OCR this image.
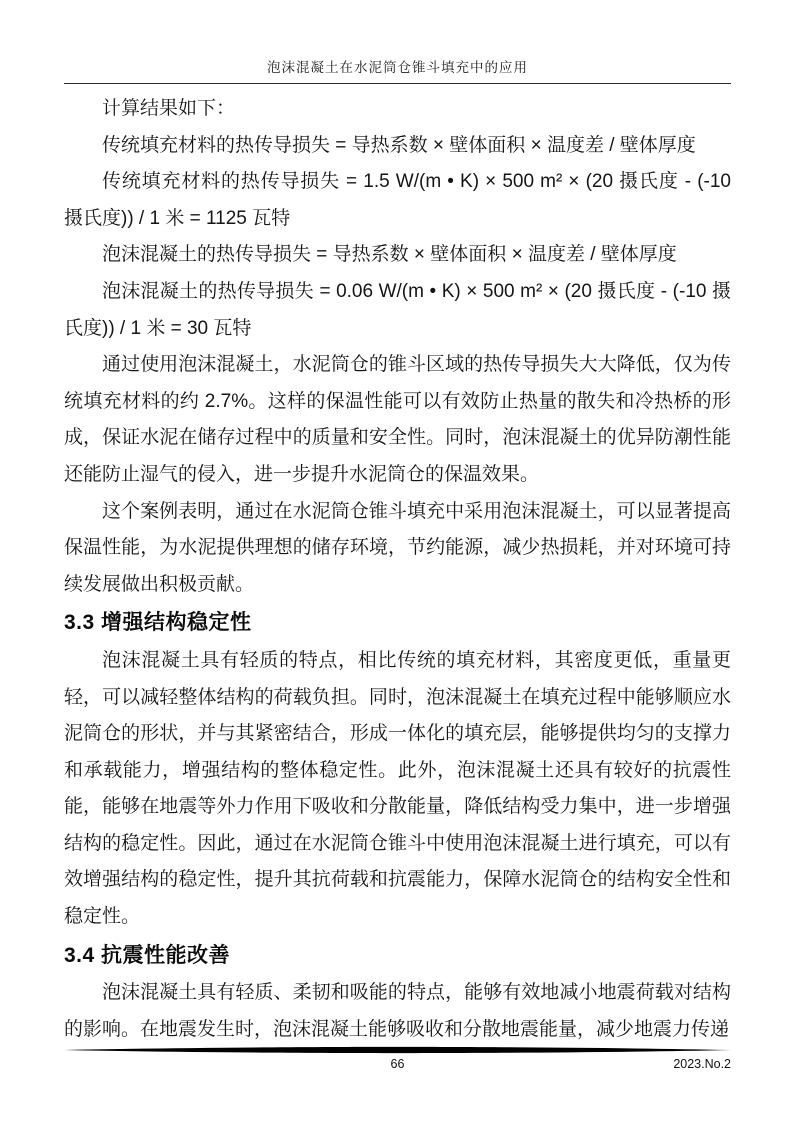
泡沫混凝土在水泥筒仓锥斗填充中的应用

计算结果如下：

传统填充材料的热传导损失 = 导热系数 × 壁体面积 × 温度差 / 壁体厚度

传统填充材料的热传导损失 = 1.5 W/(m • K) × 500 m² × (20 摄氏度 - (-10 摄氏度)) / 1 米 = 1125 瓦特

泡沫混凝土的热传导损失 = 导热系数 × 壁体面积 × 温度差 / 壁体厚度

泡沫混凝土的热传导损失 = 0.06 W/(m • K) × 500 m² × (20 摄氏度 - (-10 摄氏度)) / 1 米 = 30 瓦特

通过使用泡沫混凝土，水泥筒仓的锥斗区域的热传导损失大大降低，仅为传统填充材料的约 2.7%。这样的保温性能可以有效防止热量的散失和冷热桥的形成，保证水泥在储存过程中的质量和安全性。同时，泡沫混凝土的优异防潮性能还能防止湿气的侵入，进一步提升水泥筒仓的保温效果。

这个案例表明，通过在水泥筒仓锥斗填充中采用泡沫混凝土，可以显著提高保温性能，为水泥提供理想的储存环境，节约能源，减少热损耗，并对环境可持续发展做出积极贡献。

3.3 增强结构稳定性

泡沫混凝土具有轻质的特点，相比传统的填充材料，其密度更低，重量更轻，可以减轻整体结构的荷载负担。同时，泡沫混凝土在填充过程中能够顺应水泥筒仓的形状，并与其紧密结合，形成一体化的填充层，能够提供均匀的支撑力和承载能力，增强结构的整体稳定性。此外，泡沫混凝土还具有较好的抗震性能，能够在地震等外力作用下吸收和分散能量，降低结构受力集中，进一步增强结构的稳定性。因此，通过在水泥筒仓锥斗中使用泡沫混凝土进行填充，可以有效增强结构的稳定性，提升其抗荷载和抗震能力，保障水泥筒仓的结构安全性和稳定性。

3.4 抗震性能改善

泡沫混凝土具有轻质、柔韧和吸能的特点，能够有效地减小地震荷载对结构的影响。在地震发生时，泡沫混凝土能够吸收和分散地震能量，减少地震力传递

66	2023.No.2
